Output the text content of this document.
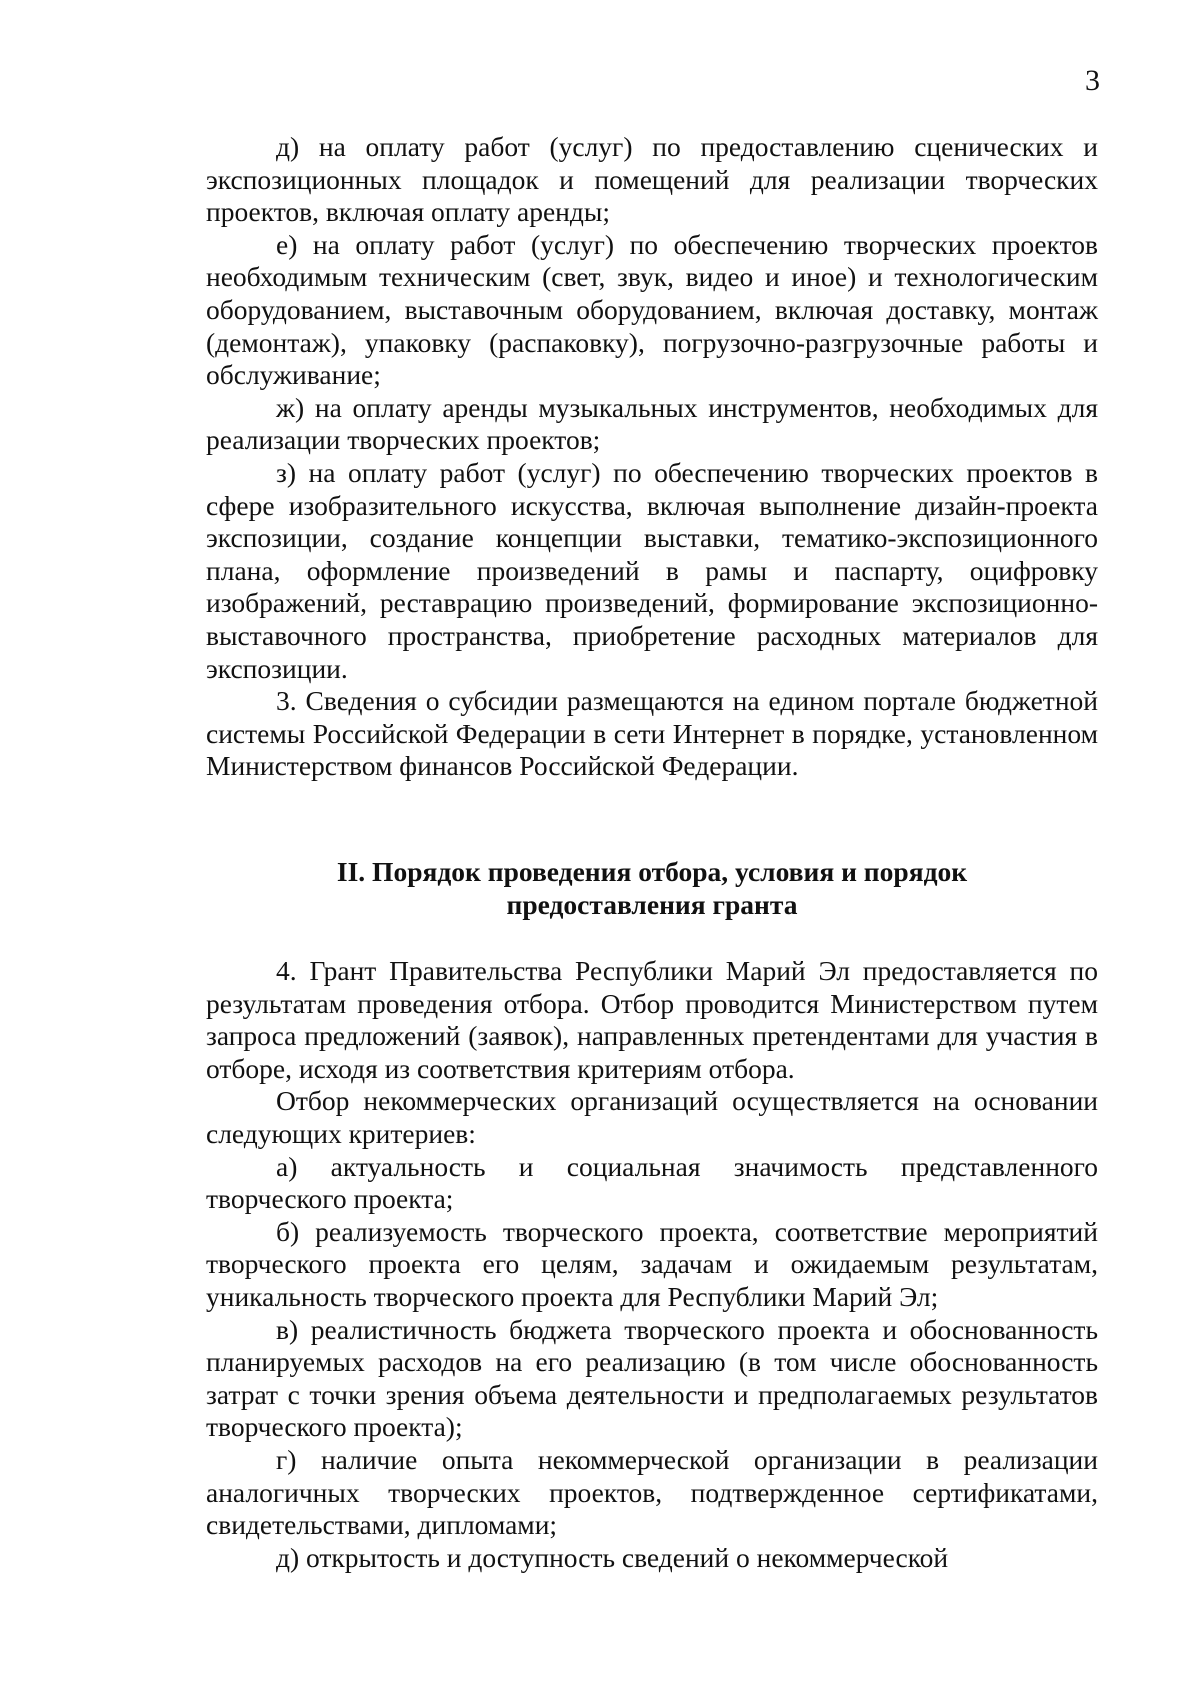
3

д) на оплату работ (услуг) по предоставлению сценических и экспозиционных площадок и помещений для реализации творческих проектов, включая оплату аренды;

е) на оплату работ (услуг) по обеспечению творческих проектов необходимым техническим (свет, звук, видео и иное) и технологическим оборудованием, выставочным оборудованием, включая доставку, монтаж (демонтаж), упаковку (распаковку), погрузочно-разгрузочные работы и обслуживание;

ж) на оплату аренды музыкальных инструментов, необходимых для реализации творческих проектов;

з) на оплату работ (услуг) по обеспечению творческих проектов в сфере изобразительного искусства, включая выполнение дизайн-проекта экспозиции, создание концепции выставки, тематико-экспозиционного плана, оформление произведений в рамы и паспарту, оцифровку изображений, реставрацию произведений, формирование экспозиционно-выставочного пространства, приобретение расходных материалов для экспозиции.

3. Сведения о субсидии размещаются на едином портале бюджетной системы Российской Федерации в сети Интернет в порядке, установленном Министерством финансов Российской Федерации.

II. Порядок проведения отбора, условия и порядок
предоставления гранта

4. Грант Правительства Республики Марий Эл предоставляется по результатам проведения отбора. Отбор проводится Министерством путем запроса предложений (заявок), направленных претендентами для участия в отборе, исходя из соответствия критериям отбора.

Отбор некоммерческих организаций осуществляется на основании следующих критериев:

а) актуальность и социальная значимость представленного творческого проекта;

б) реализуемость творческого проекта, соответствие мероприятий творческого проекта его целям, задачам и ожидаемым результатам, уникальность творческого проекта для Республики Марий Эл;

в) реалистичность бюджета творческого проекта и обоснованность планируемых расходов на его реализацию (в том числе обоснованность затрат с точки зрения объема деятельности и предполагаемых результатов творческого проекта);

г) наличие опыта некоммерческой организации в реализации аналогичных творческих проектов, подтвержденное сертификатами, свидетельствами, дипломами;

д) открытость и доступность сведений о некоммерческой
